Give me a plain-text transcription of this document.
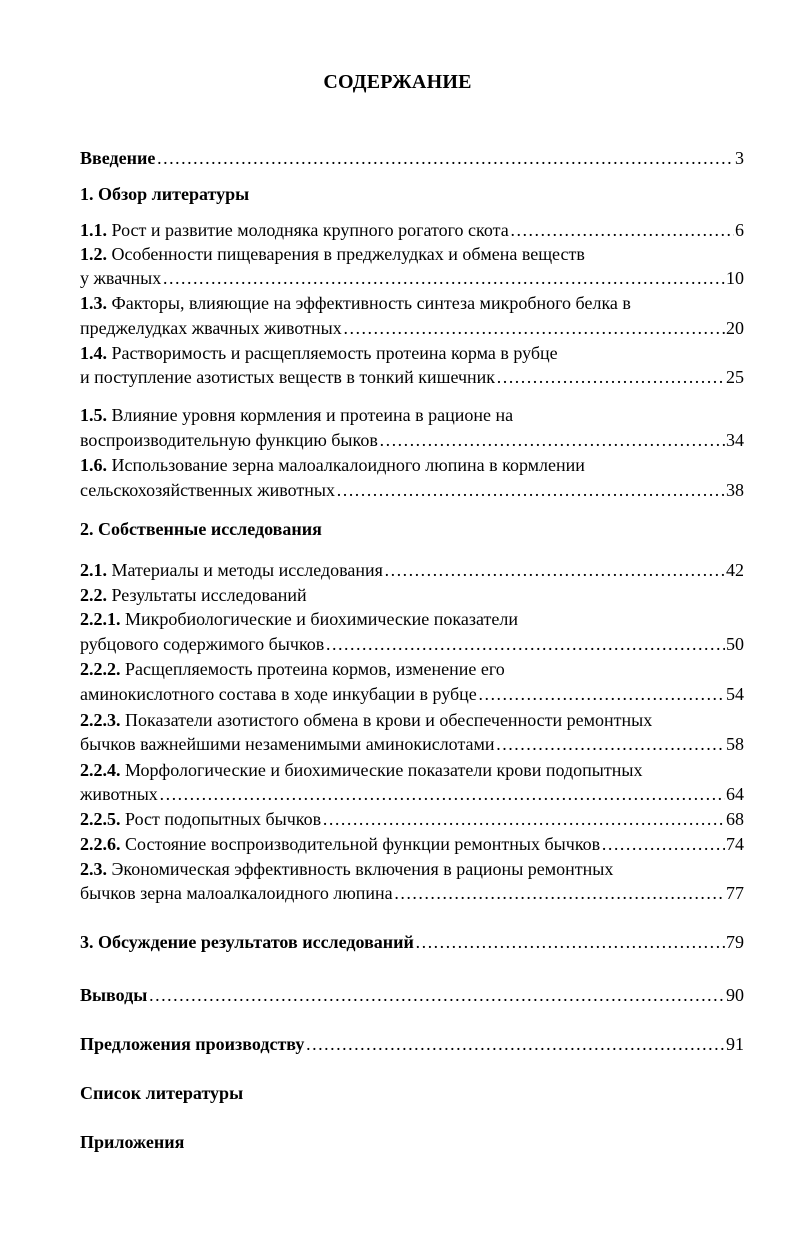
СОДЕРЖАНИЕ
Введение ……………………………………………………………………………………………………………………………………………………………………………………………………………………	3
1. Обзор литературы
1.1. Рост и развитие молодняка крупного рогатого скота ……………………………………………………………………………………………………………………………………………………………………………………………………………………	6
1.2. Особенности пищеварения в преджелудках и обмена веществ
у жвачных ……………………………………………………………………………………………………………………………………………………………………………………………………………………	10
1.3. Факторы, влияющие на эффективность синтеза микробного белка в
преджелудках жвачных животных ……………………………………………………………………………………………………………………………………………………………………………………………………………………	20
1.4. Растворимость и расщепляемость протеина корма в рубце
и поступление азотистых веществ в тонкий кишечник ……………………………………………………………………………………………………………………………………………………………………………………………………………………	25
1.5. Влияние уровня кормления и протеина в рационе на
воспроизводительную функцию быков ……………………………………………………………………………………………………………………………………………………………………………………………………………………	34
1.6. Использование зерна малоалкалоидного люпина в кормлении
сельскохозяйственных животных ……………………………………………………………………………………………………………………………………………………………………………………………………………………	38
2. Собственные исследования
2.1. Материалы и методы исследования ……………………………………………………………………………………………………………………………………………………………………………………………………………………	42
2.2. Результаты исследований
2.2.1. Микробиологические и биохимические показатели
рубцового содержимого бычков ……………………………………………………………………………………………………………………………………………………………………………………………………………………	50
2.2.2. Расщепляемость протеина кормов, изменение его
аминокислотного состава в ходе инкубации в рубце ……………………………………………………………………………………………………………………………………………………………………………………………………………………	54
2.2.3. Показатели азотистого обмена в крови и обеспеченности ремонтных
бычков важнейшими незаменимыми аминокислотами ……………………………………………………………………………………………………………………………………………………………………………………………………………………	58
2.2.4. Морфологические и биохимические показатели крови подопытных
животных ……………………………………………………………………………………………………………………………………………………………………………………………………………………	64
2.2.5. Рост подопытных бычков ……………………………………………………………………………………………………………………………………………………………………………………………………………………	68
2.2.6. Состояние воспроизводительной функции ремонтных бычков ……………………………………………………………………………………………………………………………………………………………………………………………………………………	74
2.3. Экономическая эффективность включения в рационы ремонтных
бычков зерна малоалкалоидного люпина ……………………………………………………………………………………………………………………………………………………………………………………………………………………	77
3. Обсуждение результатов исследований ……………………………………………………………………………………………………………………………………………………………………………………………………………………	79
Выводы ……………………………………………………………………………………………………………………………………………………………………………………………………………………	90
Предложения производству ……………………………………………………………………………………………………………………………………………………………………………………………………………………	91
Список литературы
Приложения
